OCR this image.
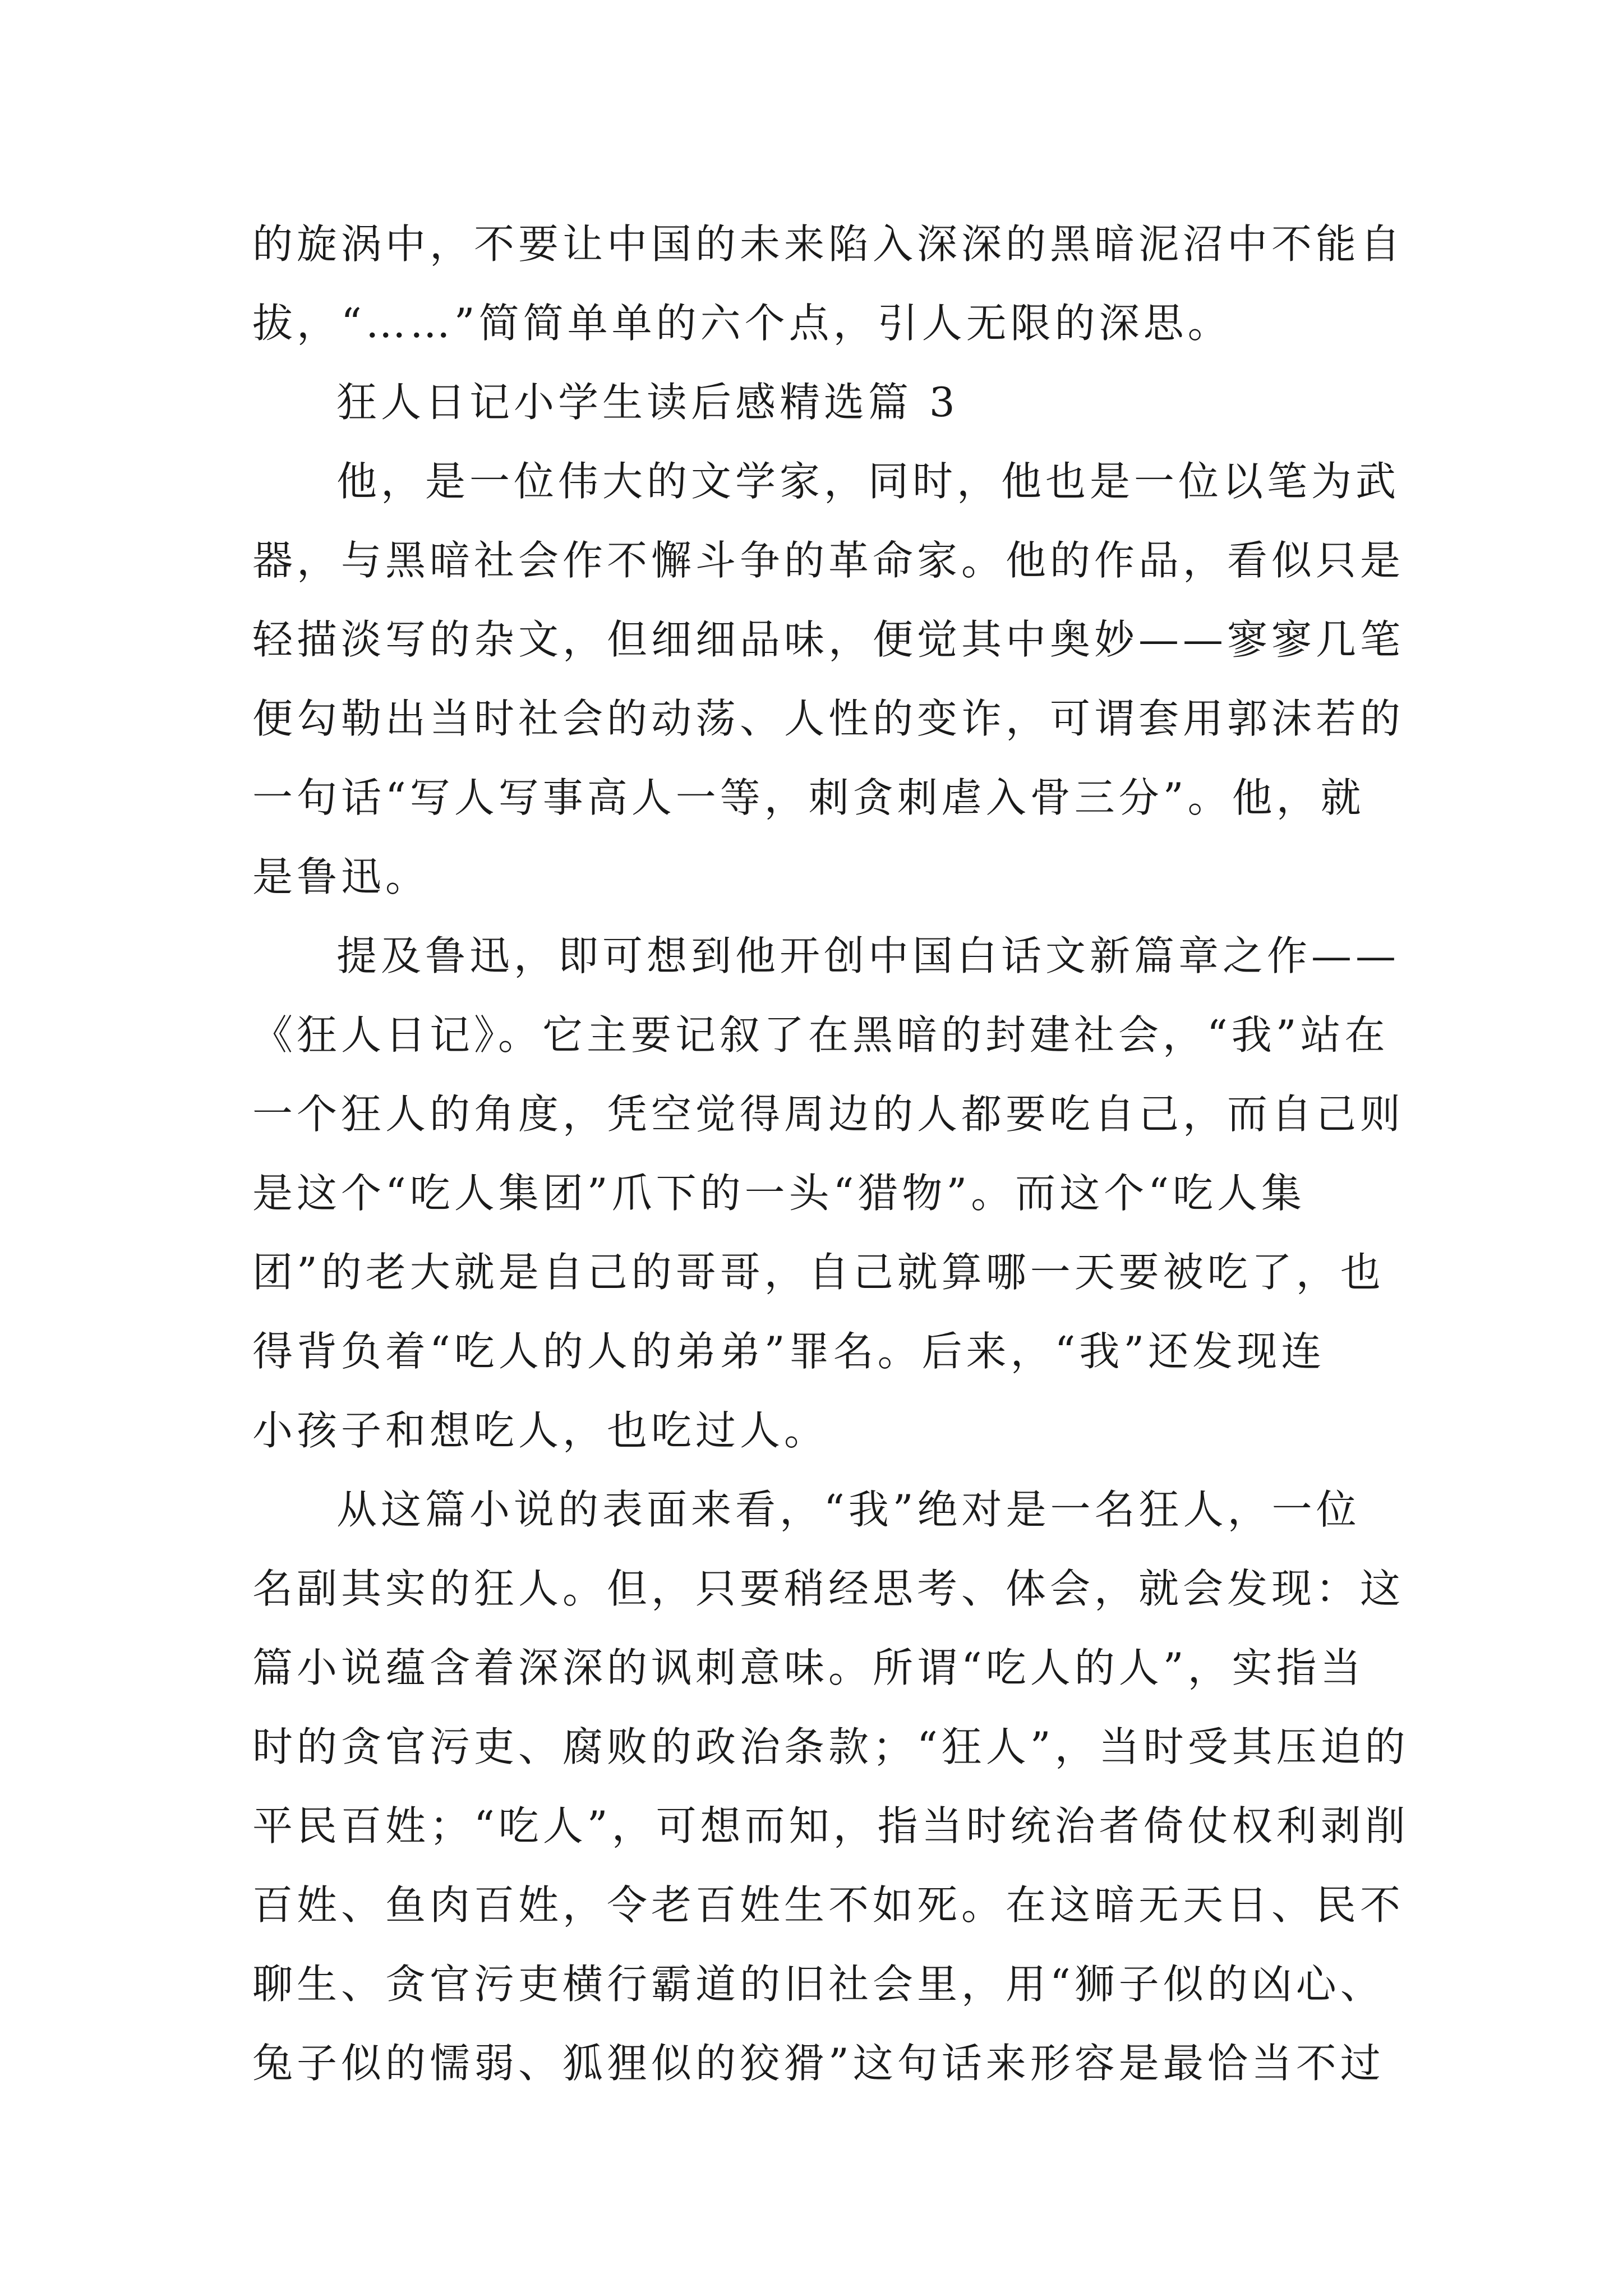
的旋涡中，不要让中国的未来陷入深深的黑暗泥沼中不能自
拔，“……”简简单单的六个点，引人无限的深思。
狂人日记小学生读后感精选篇 3
他，是一位伟大的文学家，同时，他也是一位以笔为武
器，与黑暗社会作不懈斗争的革命家。他的作品，看似只是
轻描淡写的杂文，但细细品味，便觉其中奥妙——寥寥几笔
便勾勒出当时社会的动荡、人性的变诈，可谓套用郭沫若的
一句话“写人写事高人一等，刺贪刺虐入骨三分”。他，就
是鲁迅。
提及鲁迅，即可想到他开创中国白话文新篇章之作——
《狂人日记》。它主要记叙了在黑暗的封建社会，“我”站在
一个狂人的角度，凭空觉得周边的人都要吃自己，而自己则
是这个“吃人集团”爪下的一头“猎物”。而这个“吃人集
团”的老大就是自己的哥哥，自己就算哪一天要被吃了，也
得背负着“吃人的人的弟弟”罪名。后来，“我”还发现连
小孩子和想吃人，也吃过人。
从这篇小说的表面来看，“我”绝对是一名狂人，一位
名副其实的狂人。但，只要稍经思考、体会，就会发现：这
篇小说蕴含着深深的讽刺意味。所谓“吃人的人”，实指当
时的贪官污吏、腐败的政治条款；“狂人”，当时受其压迫的
平民百姓；“吃人”，可想而知，指当时统治者倚仗权利剥削
百姓、鱼肉百姓，令老百姓生不如死。在这暗无天日、民不
聊生、贪官污吏横行霸道的旧社会里，用“狮子似的凶心、
兔子似的懦弱、狐狸似的狡猾”这句话来形容是最恰当不过
